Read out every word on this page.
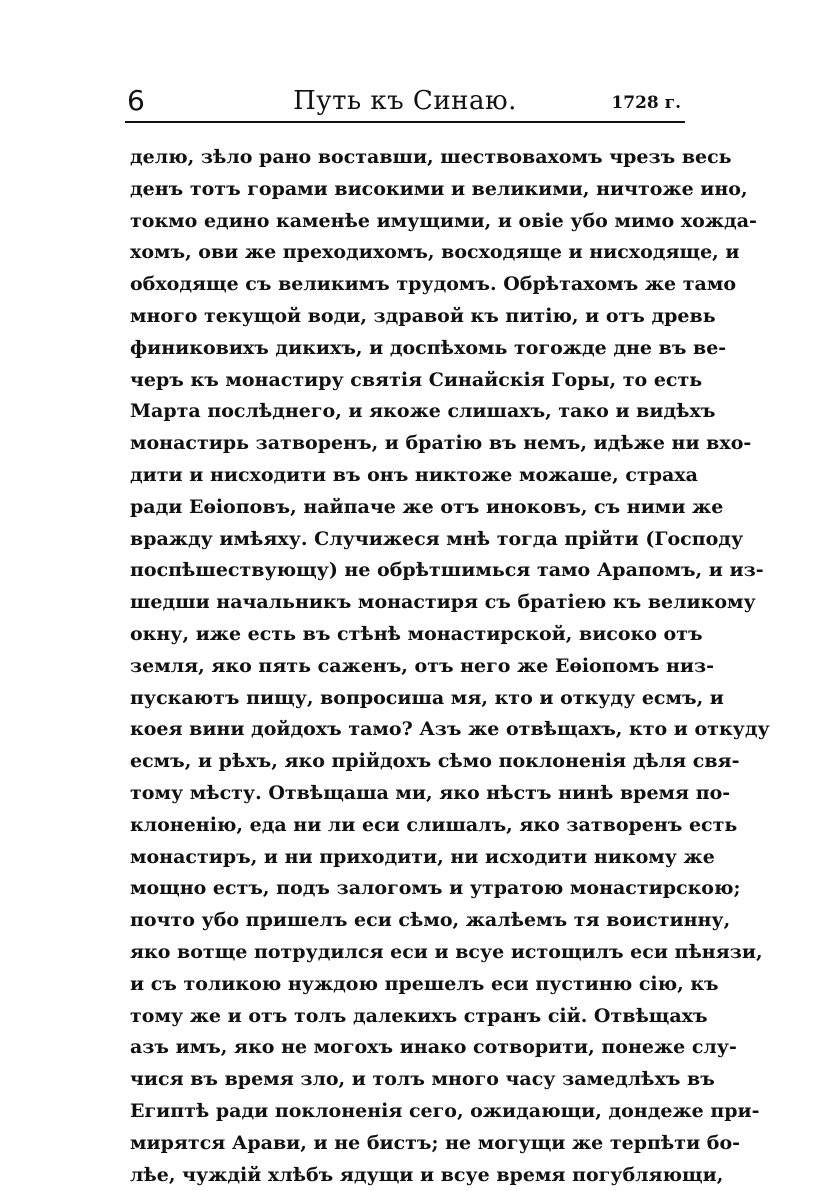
6	Путь къ Синаю.	1728 г.
делю, зѣло рано воставши, шествовахомъ чрезъ весь
денъ тотъ горами високими и великими, ничтоже ино,
токмо едино каменѣе имущими, и овіе убо мимо хожда-
хомъ, ови же преходихомъ, восходяще и нисходяще, и
обходяще съ великимъ трудомъ. Обрѣтахомъ же тамо
много текущой води, здравой къ питію, и отъ древь
финиковихъ дикихъ, и доспѣхомь тогожде дне въ ве-
черъ къ монастиру святія Синайскія Горы, то есть
Марта послѣднего, и якоже слишахъ, тако и видѣхъ
монастирь затворенъ, и братію въ немъ, идѣже ни вхо-
дити и нисходити въ онъ никтоже можаше, страха
ради Еѳіоповъ, найпаче же отъ иноковъ, съ ними же
вражду имѣяху. Случижеся мнѣ тогда прійти (Господу
поспѣшествующу) не обрѣтшимься тамо Арапомъ, и из-
шедши начальникъ монастиря съ братіею къ великому
окну, иже есть въ стѣнѣ монастирской, високо отъ
земля, яко пять саженъ, отъ него же Еѳіопомъ низ-
пускаютъ пищу, вопросиша мя, кто и откуду есмъ, и
коея вини дойдохъ тамо? Азъ же отвѣщахъ, кто и откуду
есмъ, и рѣхъ, яко прійдохъ сѣмо поклоненія дѣля свя-
тому мѣсту. Отвѣщаша ми, яко нѣстъ нинѣ время по-
клоненію, еда ни ли еси слишалъ, яко затворенъ есть
монастиръ, и ни приходити, ни исходити никому же
мощно естъ, подъ залогомъ и утратою монастирскою;
почто убо пришелъ еси сѣмо, жалѣемъ тя воистинну,
яко вотще потрудился еси и всуе истощилъ еси пѣнязи,
и съ толикою нуждою прешелъ еси пустиню сію, къ
тому же и отъ толъ далекихъ странъ сій. Отвѣщахъ
азъ имъ, яко не могохъ инако сотворити, понеже слу-
чися въ время зло, и толъ много часу замедлѣхъ въ
Египтѣ ради поклоненія сего, ожидающи, дондеже при-
мирятся Арави, и не бистъ; не могущи же терпѣти бо-
лѣе, чуждій хлѣбъ ядущи и всуе время погубляющи,
